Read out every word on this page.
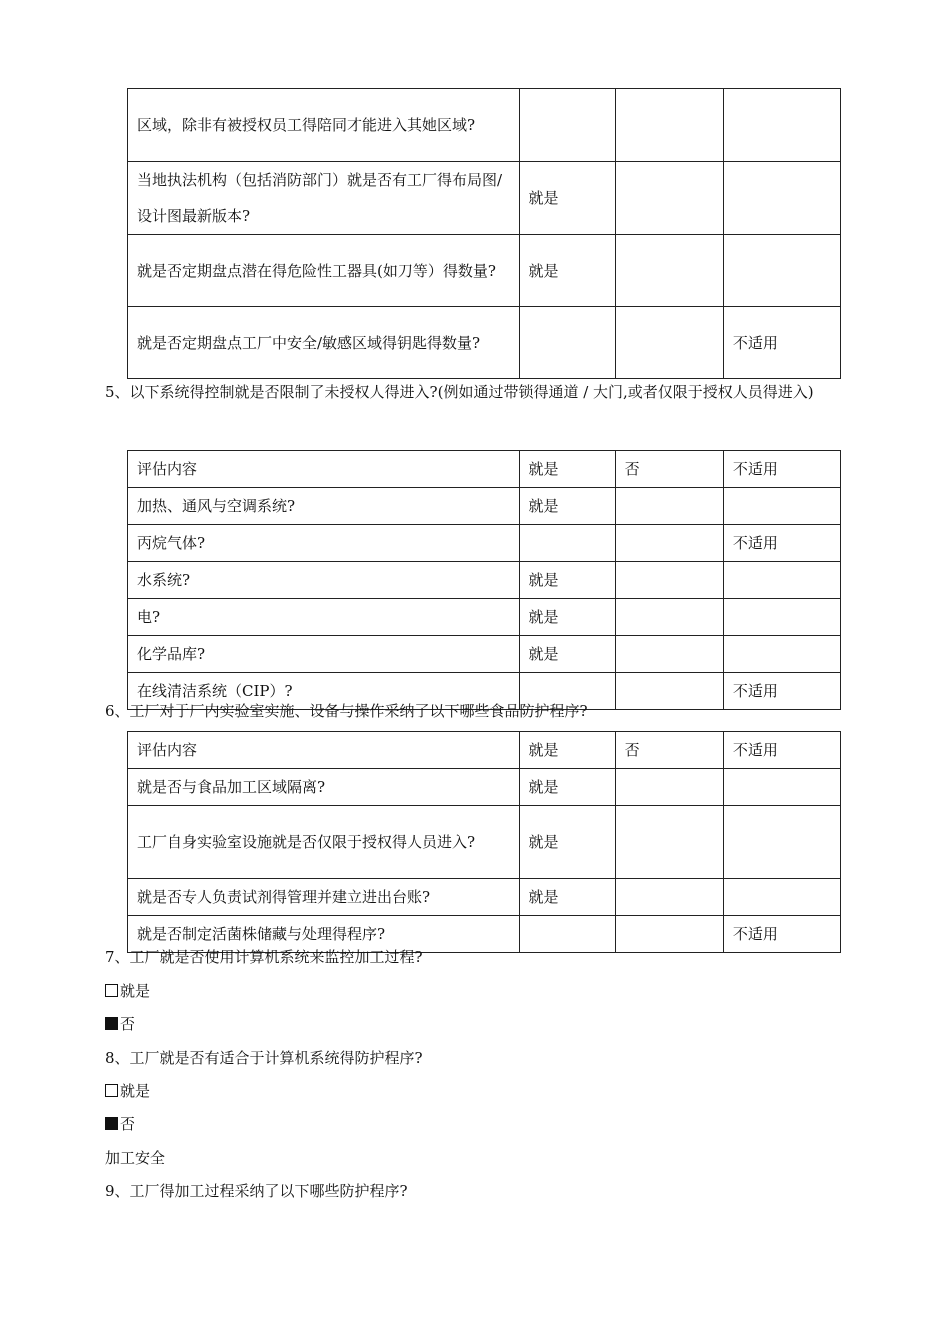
区域，除非有被授权员工得陪同才能进入其她区域?			
当地执法机构（包括消防部门）就是否有工厂得布局图/设计图最新版本?	就是		
就是否定期盘点潜在得危险性工器具(如刀等）得数量?	就是		
就是否定期盘点工厂中安全/敏感区域得钥匙得数量?			不适用
5、以下系统得控制就是否限制了未授权人得进入?(例如通过带锁得通道 / 大门,或者仅限于授权人员得进入)
评估内容	就是	否	不适用
加热、通风与空调系统?	就是		
丙烷气体?			不适用
水系统?	就是		
电?	就是		
化学品库?	就是		
在线清洁系统（CIP）?			不适用
6、工厂对于厂内实验室实施、设备与操作采纳了以下哪些食品防护程序?
评估内容	就是	否	不适用
就是否与食品加工区域隔离?	就是		
工厂自身实验室设施就是否仅限于授权得人员进入?	就是		
就是否专人负责试剂得管理并建立进出台账?	就是		
就是否制定活菌株储藏与处理得程序?			不适用
7、工厂就是否使用计算机系统来监控加工过程?
就是
否
8、工厂就是否有适合于计算机系统得防护程序?
就是
否
加工安全
9、工厂得加工过程采纳了以下哪些防护程序?
